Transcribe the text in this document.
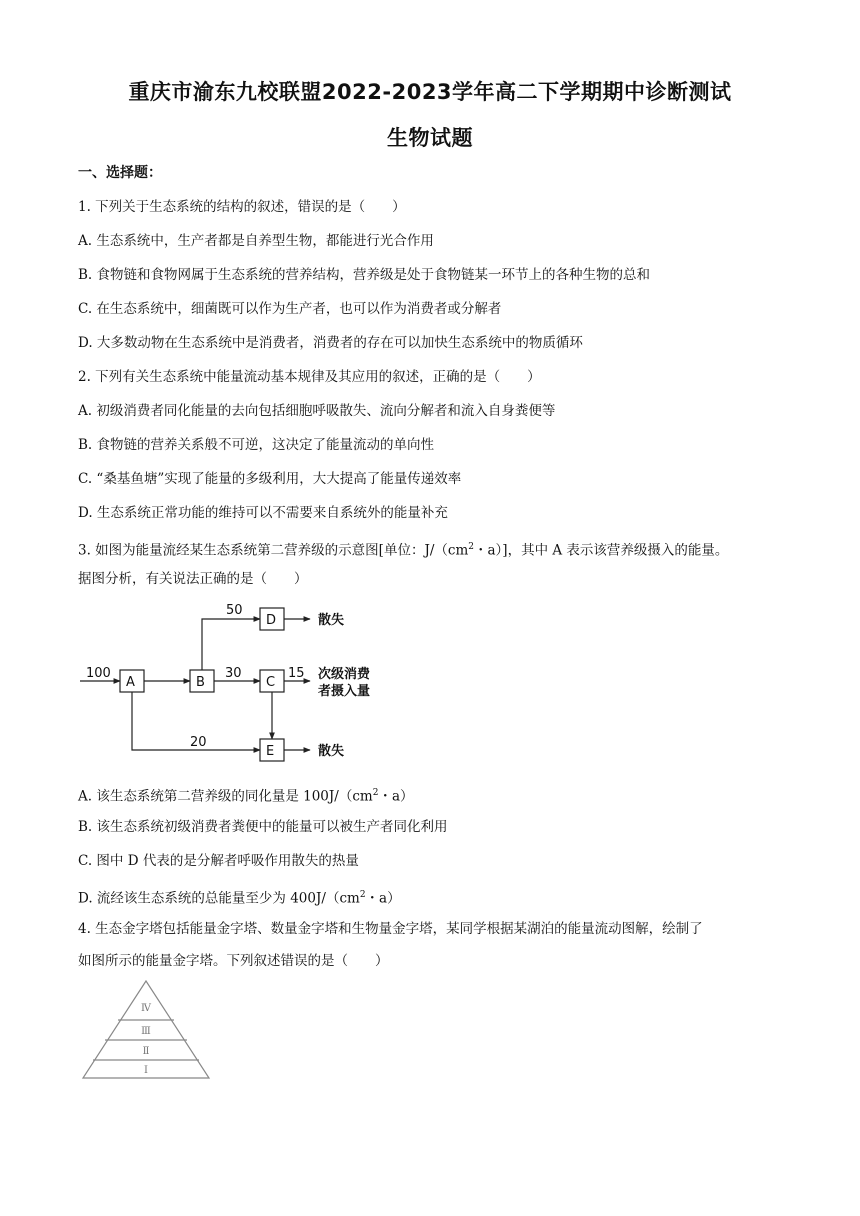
重庆市渝东九校联盟2022-2023学年高二下学期期中诊断测试
生物试题
一、选择题：
1. 下列关于生态系统的结构的叙述，错误的是（　　）
A. 生态系统中，生产者都是自养型生物，都能进行光合作用
B. 食物链和食物网属于生态系统的营养结构，营养级是处于食物链某一环节上的各种生物的总和
C. 在生态系统中，细菌既可以作为生产者，也可以作为消费者或分解者
D. 大多数动物在生态系统中是消费者，消费者的存在可以加快生态系统中的物质循环
2. 下列有关生态系统中能量流动基本规律及其应用的叙述，正确的是（　　）
A. 初级消费者同化能量的去向包括细胞呼吸散失、流向分解者和流入自身粪便等
B. 食物链的营养关系般不可逆，这决定了能量流动的单向性
C. “桑基鱼塘”实现了能量的多级利用，大大提高了能量传递效率
D. 生态系统正常功能的维持可以不需要来自系统外的能量补充
3. 如图为能量流经某生态系统第二营养级的示意图[单位：$J/(cm^2$・a）]，其中 A 表示该营养级摄入的能量。
据图分析，有关说法正确的是（　　）
A	B	C
D
E
100
50
30	15
20
散失
散失
次级消费
者摄入量
A. 该生态系统第二营养级的同化量是 $100J/(cm^2$・a）
B. 该生态系统初级消费者粪便中的能量可以被生产者同化利用
C. 图中 D 代表的是分解者呼吸作用散失的热量
D. 流经该生态系统的总能量至少为 $400J/(cm^2$・a）
4. 生态金字塔包括能量金字塔、数量金字塔和生物量金字塔，某同学根据某湖泊的能量流动图解，绘制了
如图所示的能量金字塔。下列叙述错误的是（　　）
Ⅳ
Ⅲ
Ⅱ
Ⅰ
